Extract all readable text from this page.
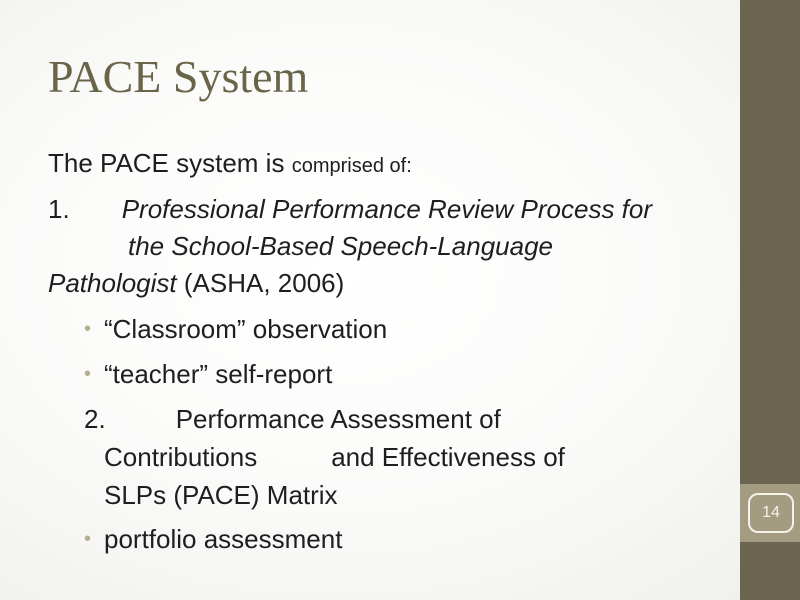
PACE System

The PACE system is comprised of:

1. Professional Performance Review Process forthe School-Based Speech-LanguagePathologist (ASHA, 2006)

• “Classroom” observation

• “teacher” self-report

2.	Performance Assessment of
Contributions	and Effectiveness of
SLPs (PACE) Matrix

• portfolio assessment

14
